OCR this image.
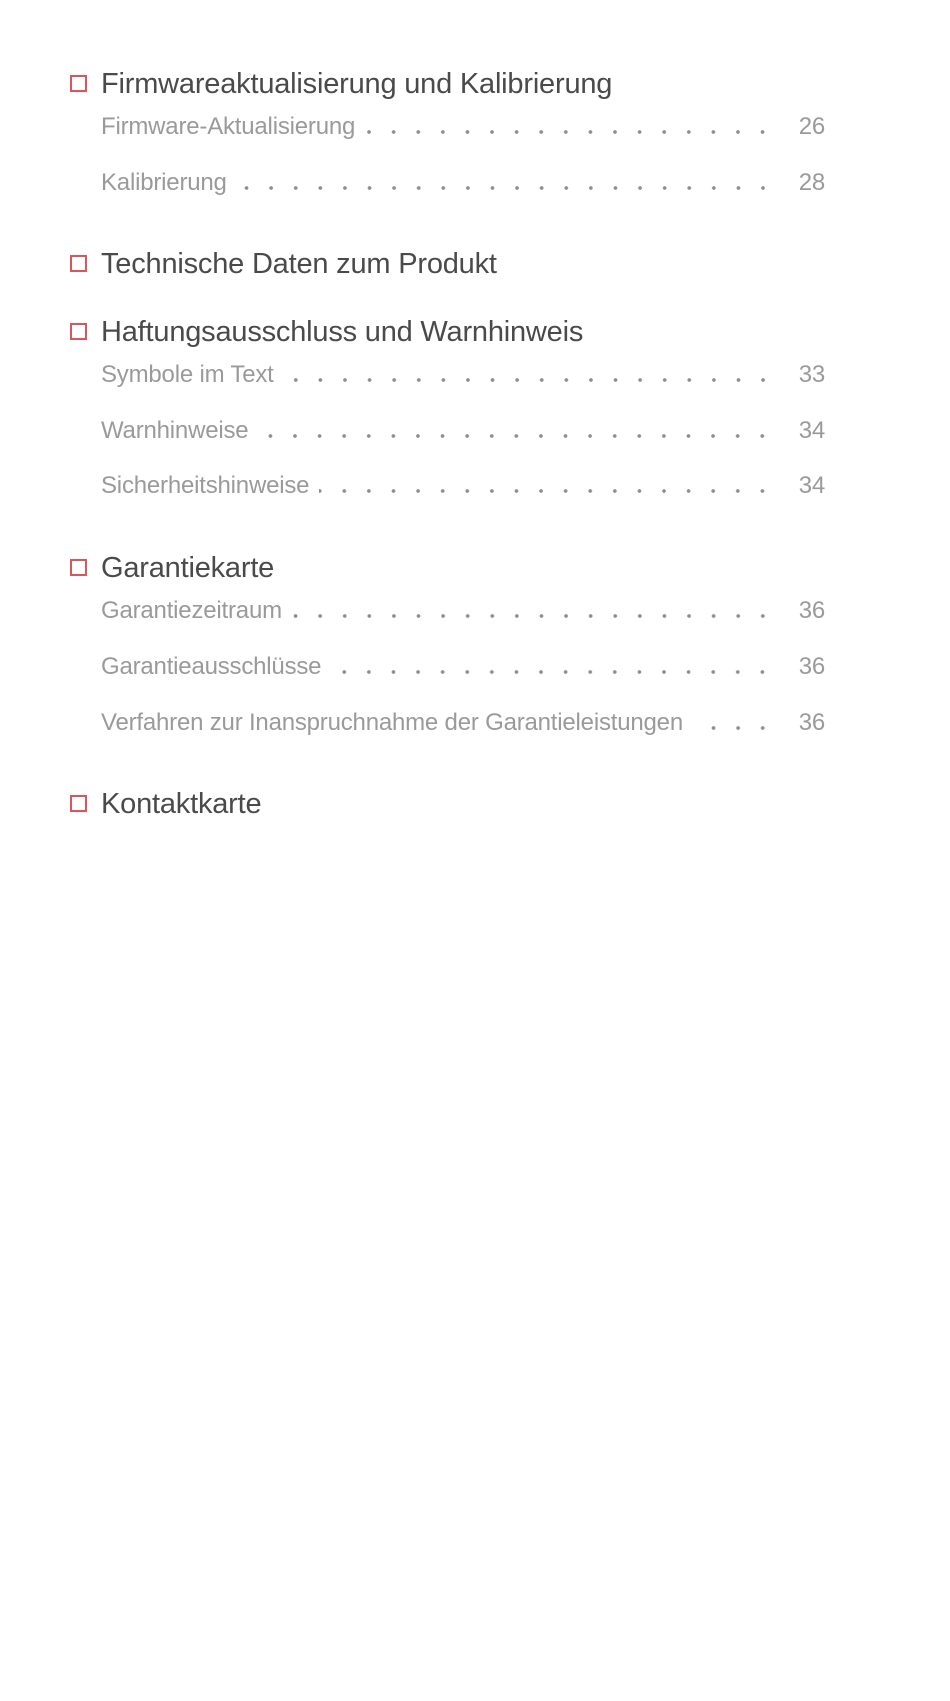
Firmwareaktualisierung und Kalibrierung
Firmware-Aktualisierung	26
Kalibrierung	28
Technische Daten zum Produkt
Haftungsausschluss und Warnhinweis
Symbole im Text	33
Warnhinweise	34
Sicherheitshinweise	34
Garantiekarte
Garantiezeitraum	36
Garantieausschlüsse	36
Verfahren zur Inanspruchnahme der Garantieleistungen	36
Kontaktkarte
